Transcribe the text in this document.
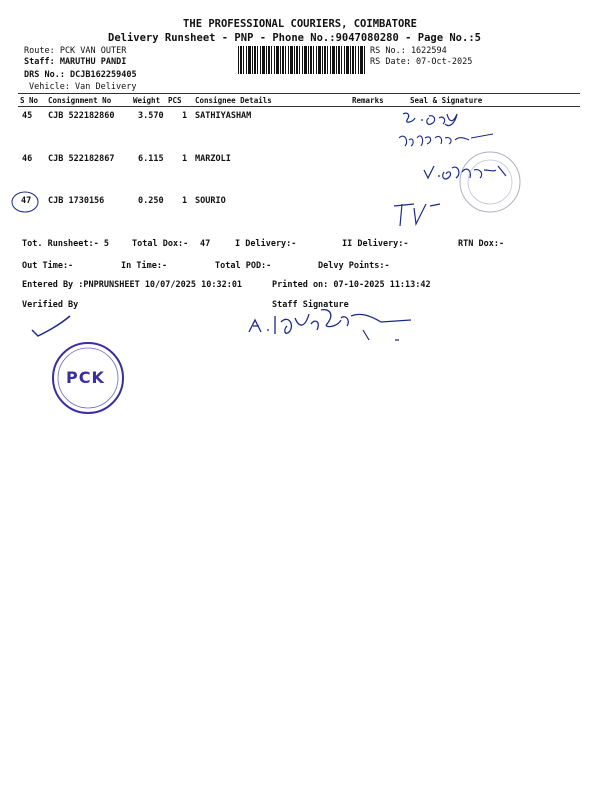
THE PROFESSIONAL COURIERS, COIMBATORE
Delivery Runsheet - PNP - Phone No.:9047080280 - Page No.:5
Route: PCK VAN OUTER
Staff: MARUTHU PANDI
DRS No.: DCJB162259405
Vehicle: Van Delivery
RS No.: 1622594
RS Date: 07-Oct-2025
S No Consignment No	Weight PCS Consignee Details	Remarks	Seal & Signature
45 CJB 522182860	3.570 1 SATHIYASHAM
46 CJB 522182867	6.115 1 MARZOLI
47 CJB 1730156	0.250 1 SOURIO
Tot. Runsheet:- 5	Total Dox:- 47	I Delivery:-	II Delivery:-	RTN Dox:-
Out Time:-	In Time:-	Total POD:-	Delvy Points:-
Entered By :PNPRUNSHEET 10/07/2025 10:32:01	Printed on: 07-10-2025 11:13:42
Verified By	Staff Signature
PCK
